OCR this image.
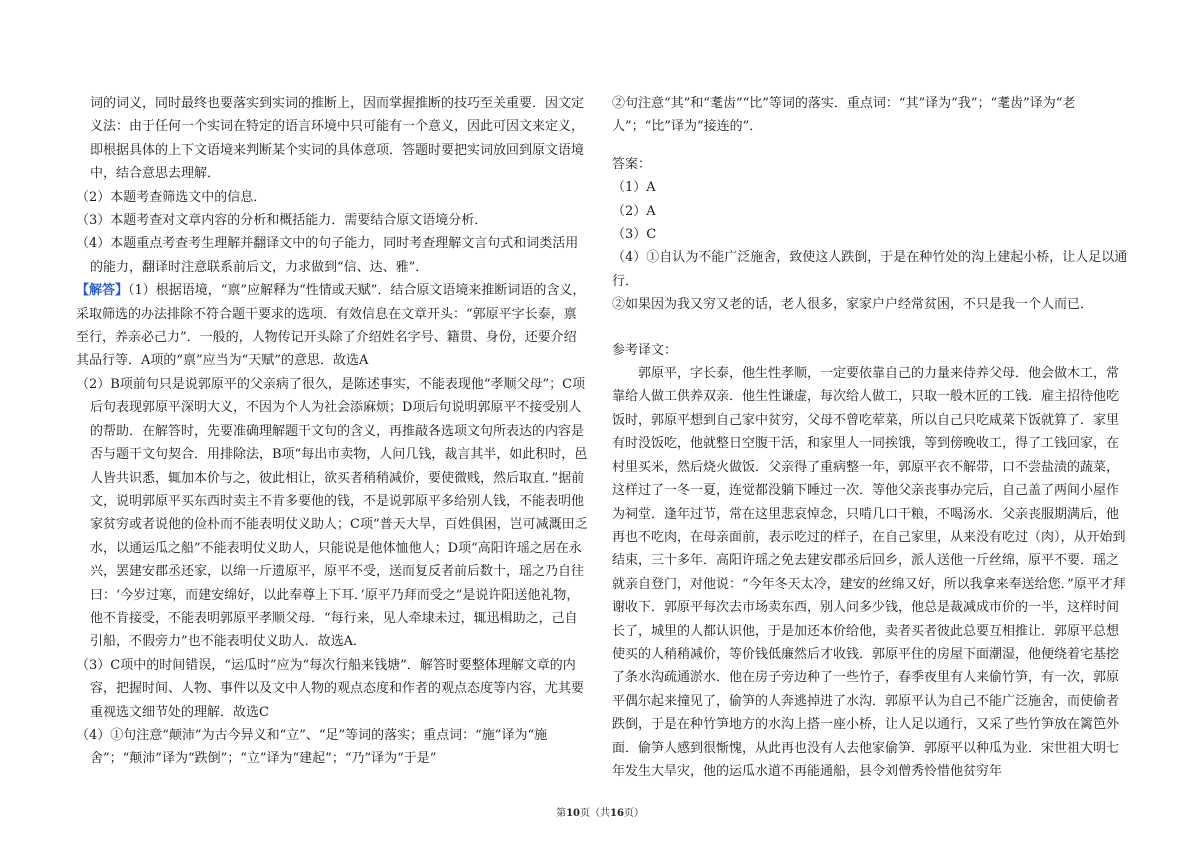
词的词义，同时最终也要落实到实词的推断上，因而掌握推断的技巧至关重要．因文定义法：由于任何一个实词在特定的语言环境中只可能有一个意义，因此可因文来定义，即根据具体的上下文语境来判断某个实词的具体意项．答题时要把实词放回到原文语境中，结合意思去理解．

（2）本题考查筛选文中的信息．

（3）本题考查对文章内容的分析和概括能力．需要结合原文语境分析．

（4）本题重点考查考生理解并翻译文中的句子能力，同时考查理解文言句式和词类活用的能力，翻译时注意联系前后文，力求做到“信、达、雅”．

【解答】（1）根据语境，“禀”应解释为“性情或天赋”．结合原文语境来推断词语的含义，采取筛选的办法排除不符合题干要求的选项．有效信息在文章开头：“郭原平字长泰，禀至行，养亲必己力”．一般的，人物传记开头除了介绍姓名字号、籍贯、身份，还要介绍其品行等．A项的“禀”应当为“天赋”的意思．故选A

（2）B项前句只是说郭原平的父亲病了很久，是陈述事实，不能表现他“孝顺父母”；C项后句表现郭原平深明大义，不因为个人为社会添麻烦；D项后句说明郭原平不接受别人的帮助．在解答时，先要准确理解题干文句的含义，再推敲各选项文句所表达的内容是否与题干文句契合．用排除法，B项“每出市卖物，人问几钱，裁言其半，如此积时，邑人皆共识悉，辄加本价与之，彼此相让，欲买者稍稍减价，要使微贱，然后取直．”据前文，说明郭原平买东西时卖主不肯多要他的钱，不是说郭原平多给别人钱，不能表明他家贫穷或者说他的俭朴而不能表明仗义助人；C项“普天大旱，百姓俱困，岂可减溉田乏水，以通运瓜之船”不能表明仗义助人，只能说是他体恤他人；D项“高阳许瑶之居在永兴，罢建安郡丞还家，以绵一斤遗原平，原平不受，送而复反者前后数十，瑶之乃自往曰：‘今岁过寒，而建安绵好，以此奉尊上下耳．’原平乃拜而受之”是说许阳送他礼物，他不肯接受，不能表明郭原平孝顺父母．“每行来，见人牵埭未过，辄迅楫助之，己自引船，不假旁力”也不能表明仗义助人．故选A．

（3）C项中的时间错误，“运瓜时”应为“每次行船来钱塘”．解答时要整体理解文章的内容，把握时间、人物、事件以及文中人物的观点态度和作者的观点态度等内容，尤其要重视选文细节处的理解．故选C

（4）①句注意“颠沛”为古今异义和“立”、“足”等词的落实；重点词：“施”译为“施舍”；“颠沛”译为“跌倒”；“立”译为“建起”；“乃”译为“于是”

②句注意“其”和“耄齿”“比”等词的落实．重点词：“其”译为“我”；“耄齿”译为“老人”；“比”译为“接连的”．

答案：

（1）A

（2）A

（3）C

（4）①自认为不能广泛施舍，致使这人跌倒，于是在种竹处的沟上建起小桥，让人足以通行．

②如果因为我又穷又老的话，老人很多，家家户户经常贫困，不只是我一个人而已．

参考译文：

郭原平，字长泰，他生性孝顺，一定要依靠自己的力量来侍养父母．他会做木工，常靠给人做工供养双亲．他生性谦虚，每次给人做工，只取一般木匠的工钱．雇主招待他吃饭时，郭原平想到自己家中贫穷，父母不曾吃荤菜，所以自己只吃咸菜下饭就算了．家里有时没饭吃，他就整日空腹干活，和家里人一同挨饿，等到傍晚收工，得了工钱回家，在村里买米，然后烧火做饭．父亲得了重病整一年，郭原平衣不解带，口不尝盐渍的蔬菜，这样过了一冬一夏，连觉都没躺下睡过一次．等他父亲丧事办完后，自己盖了两间小屋作为祠堂．逢年过节，常在这里悲哀悼念，只啃几口干粮，不喝汤水．父亲丧服期满后，他再也不吃肉，在母亲面前，表示吃过的样子，在自己家里，从来没有吃过（肉），从开始到结束，三十多年．高阳许瑶之免去建安郡丞后回乡，派人送他一斤丝绵，原平不要．瑶之就亲自登门，对他说：“今年冬天太冷，建安的丝绵又好，所以我拿来奉送给您．”原平才拜谢收下．郭原平每次去市场卖东西，别人问多少钱，他总是裁减成市价的一半，这样时间长了，城里的人都认识他，于是加还本价给他，卖者买者彼此总要互相推让．郭原平总想使买的人稍稍减价，等价钱低廉然后才收钱．郭原平住的房屋下面潮湿，他便绕着宅基挖了条水沟疏通淤水．他在房子旁边种了一些竹子，春季夜里有人来偷竹笋，有一次，郭原平偶尔起来撞见了，偷笋的人奔逃掉进了水沟．郭原平认为自己不能广泛施舍，而使偷者跌倒，于是在种竹笋地方的水沟上搭一座小桥，让人足以通行，又采了些竹笋放在篱笆外面．偷笋人感到很惭愧，从此再也没有人去他家偷笋．郭原平以种瓜为业．宋世祖大明七年发生大旱灾，他的运瓜水道不再能通船，县令刘僧秀怜惜他贫穷年

第10页（共16页）
